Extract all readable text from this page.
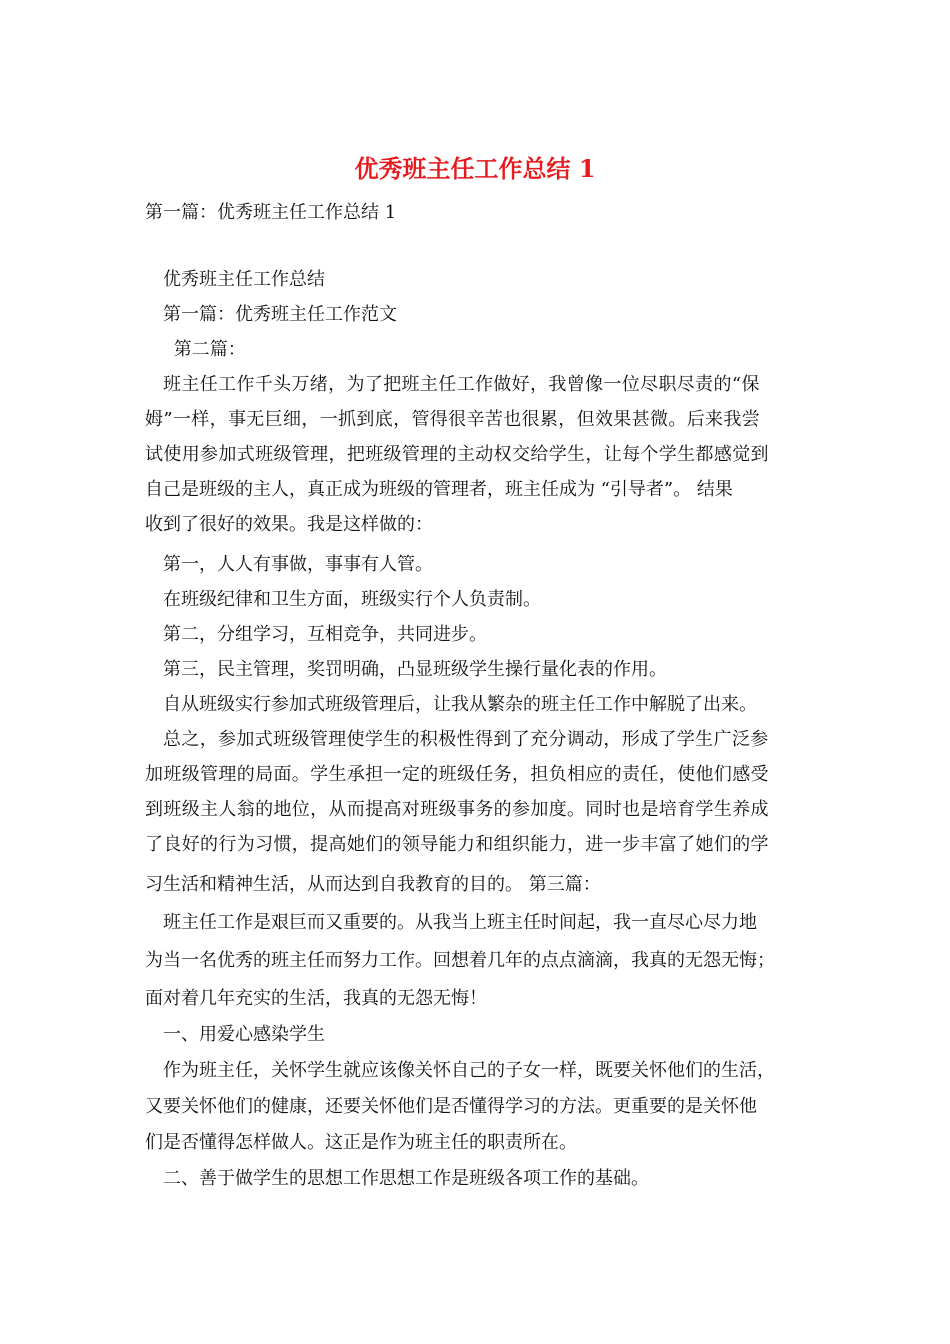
优秀班主任工作总结 1
第一篇：优秀班主任工作总结 1
优秀班主任工作总结
第一篇：优秀班主任工作范文
第二篇：
班主任工作千头万绪，为了把班主任工作做好，我曾像一位尽职尽责的“保
姆”一样，事无巨细，一抓到底，管得很辛苦也很累，但效果甚微。后来我尝
试使用参加式班级管理，把班级管理的主动权交给学生，让每个学生都感觉到
自己是班级的主人，真正成为班级的管理者，班主任成为 “引导者”。 结果
收到了很好的效果。我是这样做的：
第一，人人有事做，事事有人管。
在班级纪律和卫生方面，班级实行个人负责制。
第二，分组学习，互相竞争，共同进步。
第三，民主管理，奖罚明确，凸显班级学生操行量化表的作用。
自从班级实行参加式班级管理后，让我从繁杂的班主任工作中解脱了出来。
总之，参加式班级管理使学生的积极性得到了充分调动，形成了学生广泛参
加班级管理的局面。学生承担一定的班级任务，担负相应的责任，使他们感受
到班级主人翁的地位，从而提高对班级事务的参加度。同时也是培育学生养成
了良好的行为习惯，提高她们的领导能力和组织能力，进一步丰富了她们的学
习生活和精神生活，从而达到自我教育的目的。 第三篇：
班主任工作是艰巨而又重要的。从我当上班主任时间起，我一直尽心尽力地
为当一名优秀的班主任而努力工作。回想着几年的点点滴滴，我真的无怨无悔；
面对着几年充实的生活，我真的无怨无悔！
一、用爱心感染学生
作为班主任，关怀学生就应该像关怀自己的子女一样，既要关怀他们的生活，
又要关怀他们的健康，还要关怀他们是否懂得学习的方法。更重要的是关怀他
们是否懂得怎样做人。这正是作为班主任的职责所在。
二、善于做学生的思想工作思想工作是班级各项工作的基础。
